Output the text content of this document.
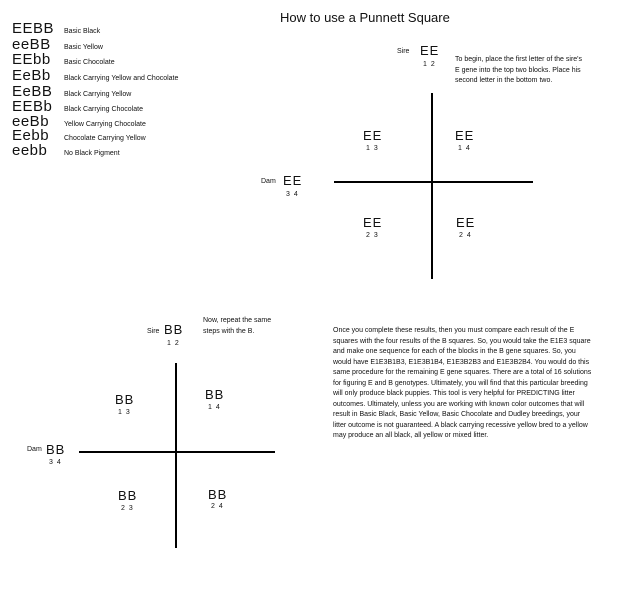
How to use a Punnett Square
EEBB Basic Black
eeBB Basic Yellow
EEbb Basic Chocolate
EeBb Black Carrying Yellow and Chocolate
EeBB Black Carrying Yellow
EEBb Black Carrying Chocolate
eeBb Yellow Carrying Chocolate
Eebb Chocolate Carrying Yellow
eebb No Black Pigment
Sire EE
12
To begin, place the first letter of the sire's E gene into the top two blocks. Place his second letter in the bottom two.
Dam EE
34
EE
13
EE
14
EE
23
EE
24
Sire BB
12
Now, repeat the same steps with the B.
Dam BB
34
BB
13
BB
14
BB
23
BB
24
Once you complete these results, then you must compare each result of the E squares with the four results of the B squares. So, you would take the E1E3 square and make one sequence for each of the blocks in the B gene squares. So, you would have E1E3B1B3, E1E3B1B4, E1E3B2B3 and E1E3B2B4. You would do this same procedure for the remaining E gene squares. There are a total of 16 solutions for figuring E and B genotypes. Ultimately, you will find that this particular breeding will only produce black puppies. This tool is very helpful for PREDICTING litter outcomes. Ultimately, unless you are working with known color outcomes that will result in Basic Black, Basic Yellow, Basic Chocolate and Dudley breedings, your litter outcome is not guaranteed. A black carrying recessive yellow bred to a yellow may produce an all black, all yellow or mixed litter.
